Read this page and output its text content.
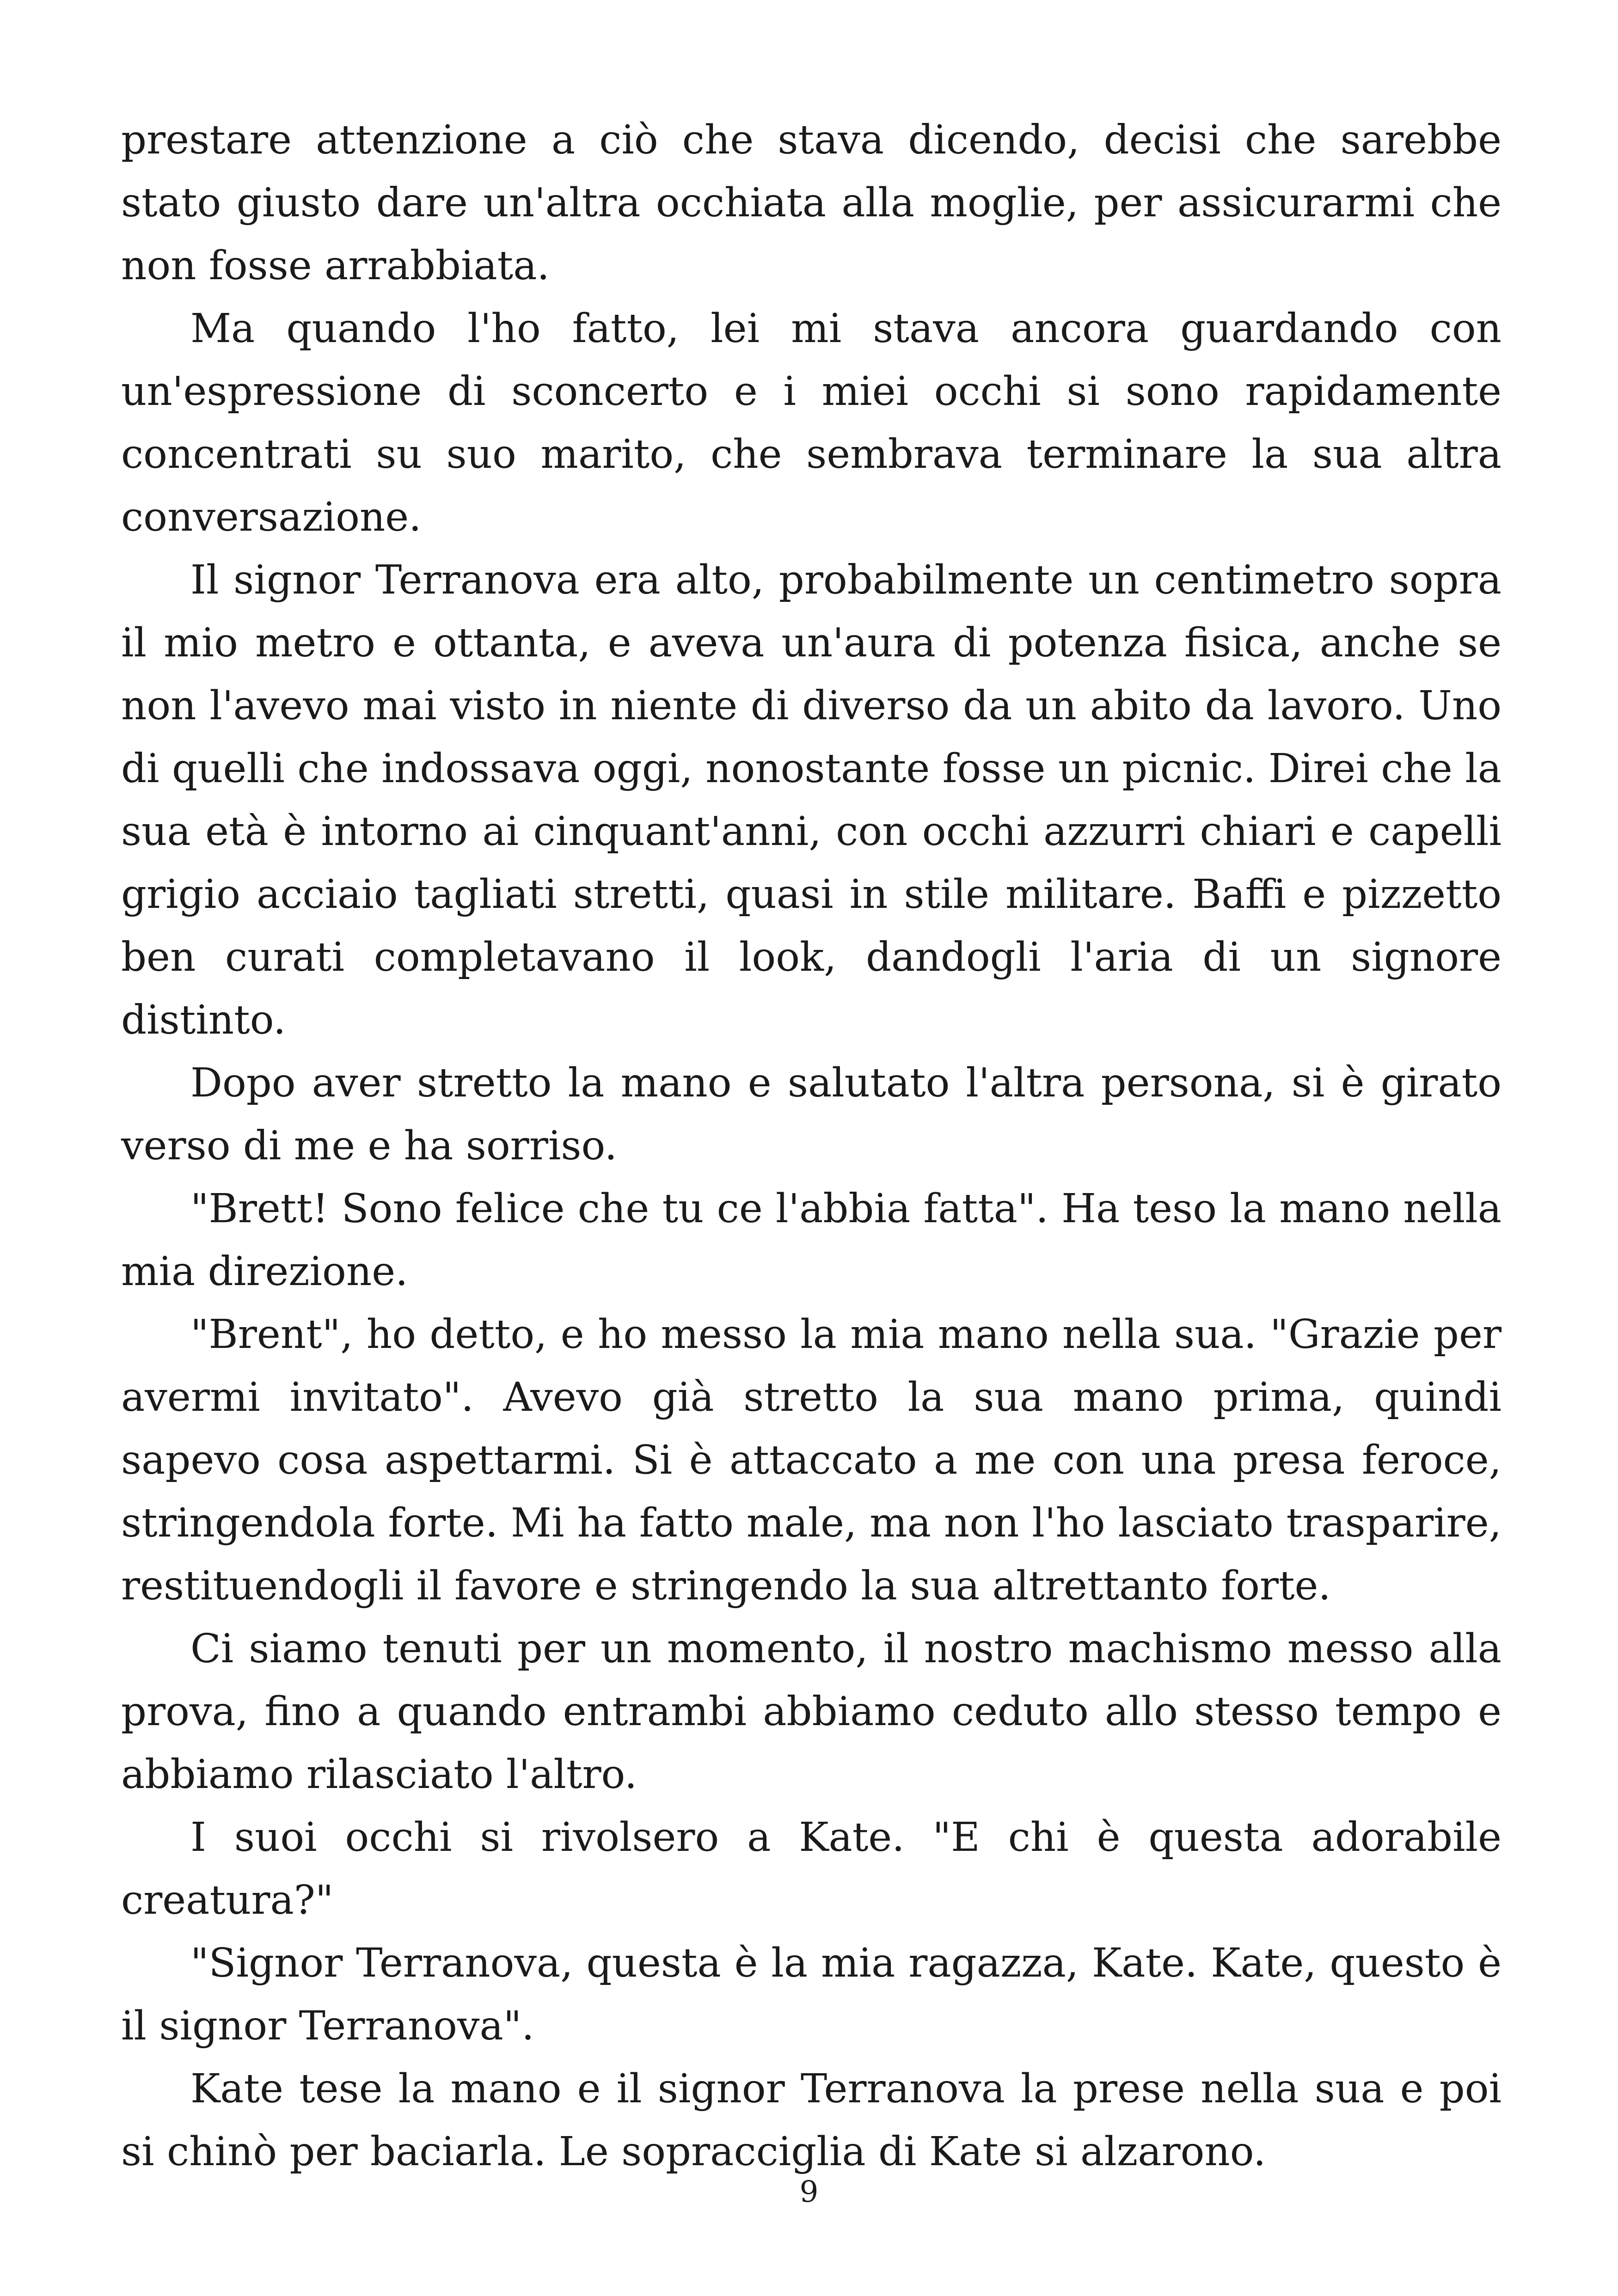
prestare attenzione a ciò che stava dicendo, decisi che sarebbe stato giusto dare un'altra occhiata alla moglie, per assicurarmi che non fosse arrabbiata.

Ma quando l'ho fatto, lei mi stava ancora guardando con un'espressione di sconcerto e i miei occhi si sono rapidamente concentrati su suo marito, che sembrava terminare la sua altra conversazione.

Il signor Terranova era alto, probabilmente un centimetro sopra il mio metro e ottanta, e aveva un'aura di potenza fisica, anche se non l'avevo mai visto in niente di diverso da un abito da lavoro. Uno di quelli che indossava oggi, nonostante fosse un picnic. Direi che la sua età è intorno ai cinquant'anni, con occhi azzurri chiari e capelli grigio acciaio tagliati stretti, quasi in stile militare. Baffi e pizzetto ben curati completavano il look, dandogli l'aria di un signore distinto.

Dopo aver stretto la mano e salutato l'altra persona, si è girato verso di me e ha sorriso.

"Brett! Sono felice che tu ce l'abbia fatta". Ha teso la mano nella mia direzione.

"Brent", ho detto, e ho messo la mia mano nella sua. "Grazie per avermi invitato". Avevo già stretto la sua mano prima, quindi sapevo cosa aspettarmi. Si è attaccato a me con una presa feroce, stringendola forte. Mi ha fatto male, ma non l'ho lasciato trasparire, restituendogli il favore e stringendo la sua altrettanto forte.

Ci siamo tenuti per un momento, il nostro machismo messo alla prova, fino a quando entrambi abbiamo ceduto allo stesso tempo e abbiamo rilasciato l'altro.

I suoi occhi si rivolsero a Kate. "E chi è questa adorabile creatura?"

"Signor Terranova, questa è la mia ragazza, Kate. Kate, questo è il signor Terranova".

Kate tese la mano e il signor Terranova la prese nella sua e poi si chinò per baciarla. Le sopracciglia di Kate si alzarono.

9
